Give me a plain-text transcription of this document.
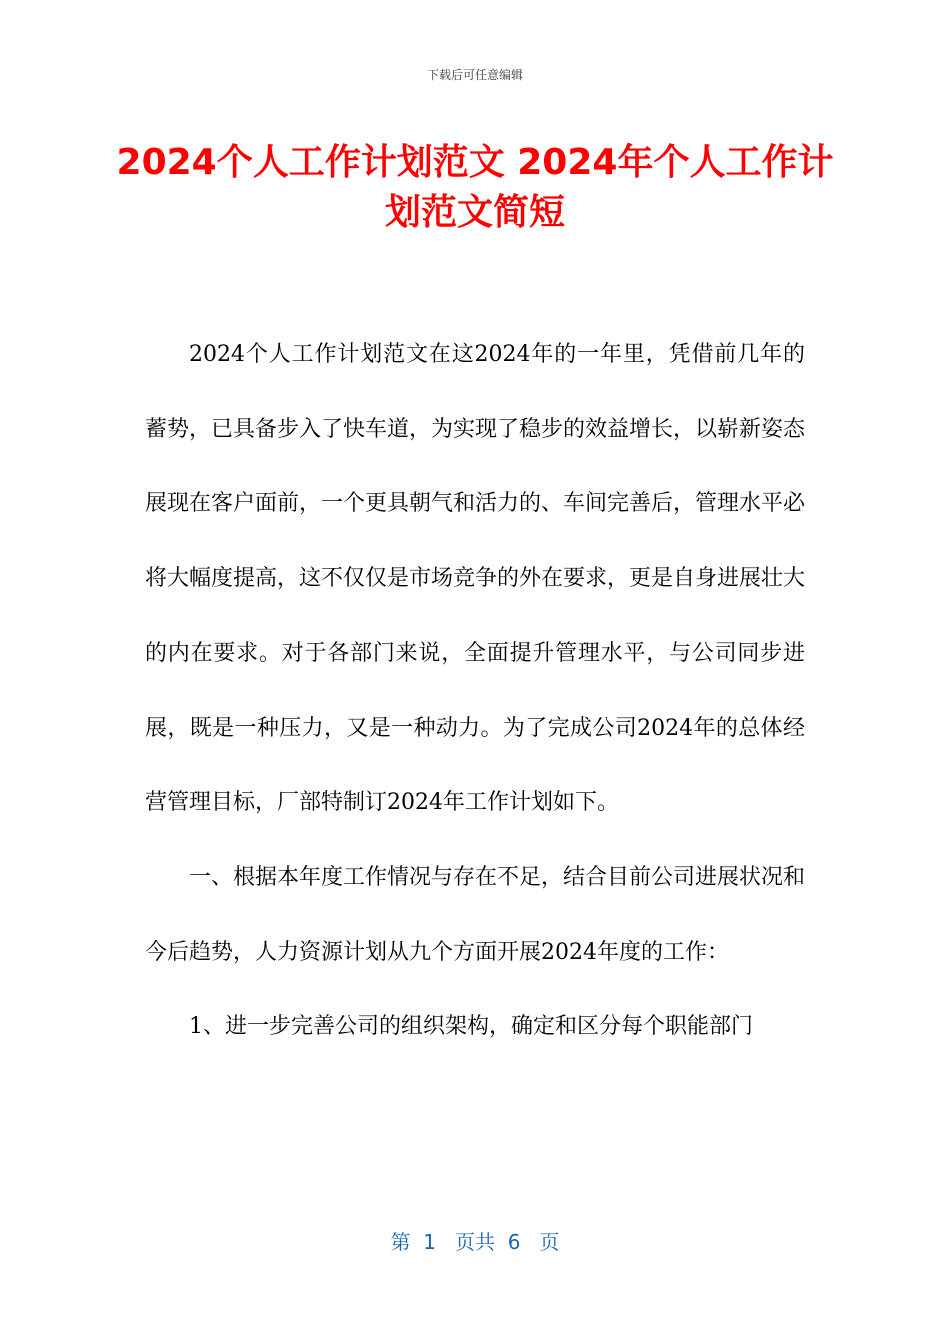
下载后可任意编辑
2024个人工作计划范文 2024年个人工作计划范文简短

2024个人工作计划范文在这2024年的一年里，凭借前几年的蓄势，已具备步入了快车道，为实现了稳步的效益增长，以崭新姿态展现在客户面前，一个更具朝气和活力的、车间完善后，管理水平必将大幅度提高，这不仅仅是市场竞争的外在要求，更是自身进展壮大的内在要求。对于各部门来说，全面提升管理水平，与公司同步进展，既是一种压力，又是一种动力。为了完成公司2024年的总体经营管理目标，厂部特制订2024年工作计划如下。

一、根据本年度工作情况与存在不足，结合目前公司进展状况和今后趋势，人力资源计划从九个方面开展2024年度的工作：

1、进一步完善公司的组织架构，确定和区分每个职能部门

第  1   页共  6   页
